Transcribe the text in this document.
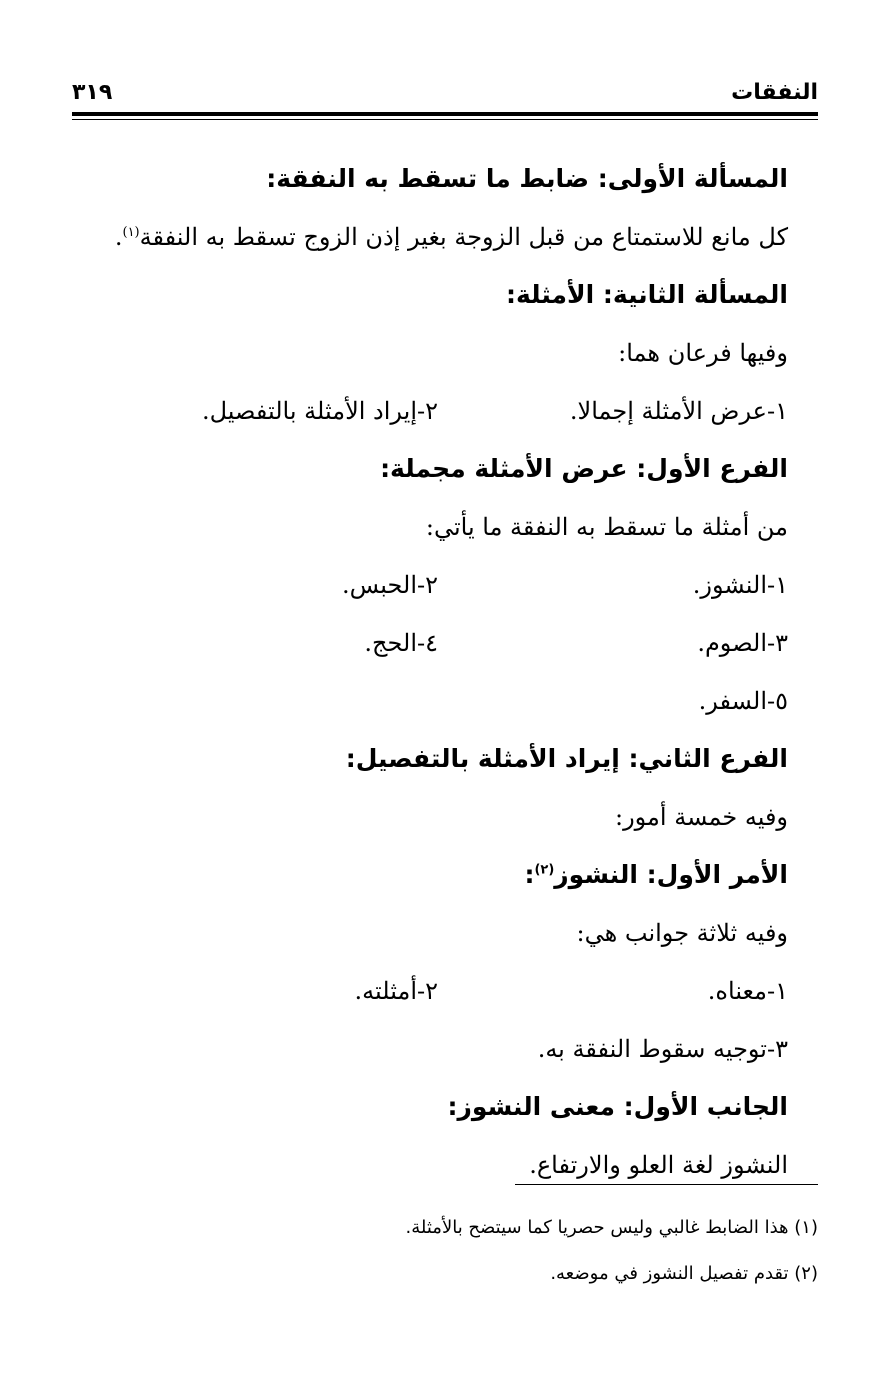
النفقات
٣١٩
المسألة الأولى: ضابط ما تسقط به النفقة:
كل مانع للاستمتاع من قبل الزوجة بغير إذن الزوج تسقط به النفقة$^{(١)}$.
المسألة الثانية: الأمثلة:
وفيها فرعان هما:
١-عرض الأمثلة إجمالا.
٢-إيراد الأمثلة بالتفصيل.
الفرع الأول: عرض الأمثلة مجملة:
من أمثلة ما تسقط به النفقة ما يأتي:
١-النشوز.
٢-الحبس.
٣-الصوم.
٤-الحج.
٥-السفر.
الفرع الثاني: إيراد الأمثلة بالتفصيل:
وفيه خمسة أمور:
الأمر الأول: النشوز$^{(٢)}$:
وفيه ثلاثة جوانب هي:
١-معناه.
٢-أمثلته.
٣-توجيه سقوط النفقة به.
الجانب الأول: معنى النشوز:
النشوز لغة العلو والارتفاع.
(١) هذا الضابط غالبي وليس حصريا كما سيتضح بالأمثلة.
(٢) تقدم تفصيل النشوز في موضعه.
